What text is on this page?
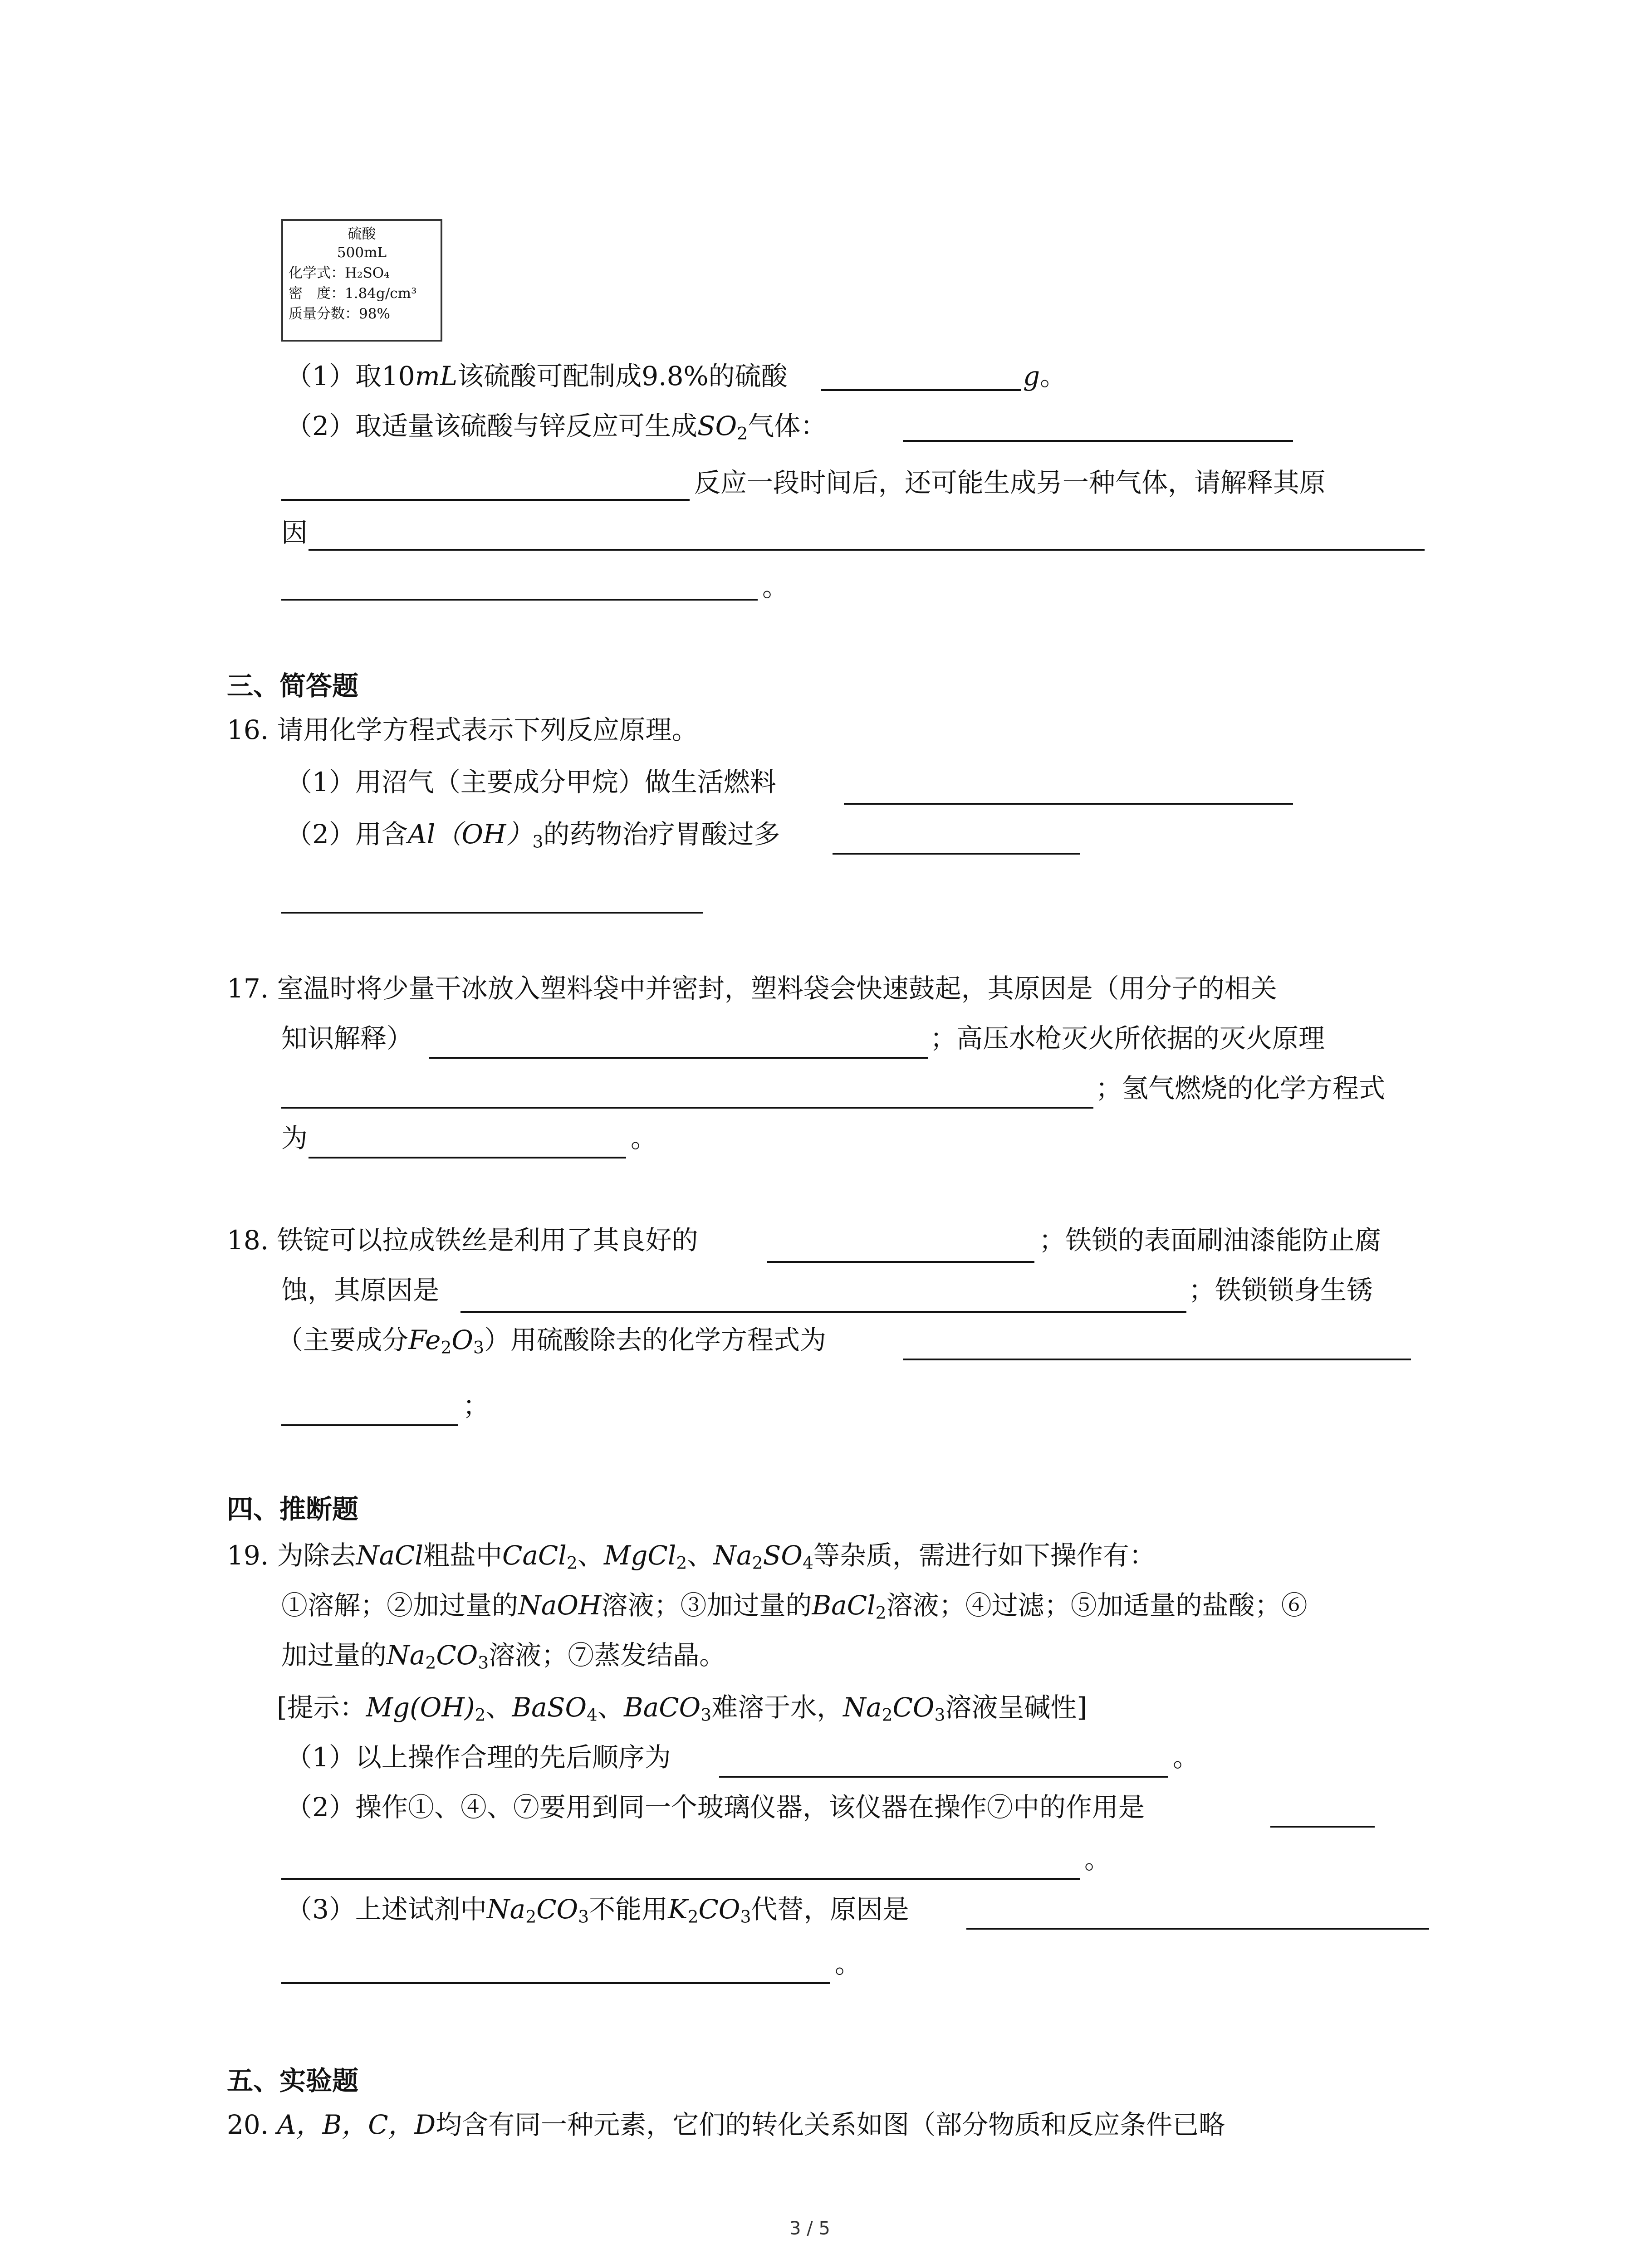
硫酸
500mL
化学式：H₂SO₄
密　度：1.84g/cm³
质量分数：98%
（1）取10mL该硫酸可配制成9.8%的硫酸	g。
（2）取适量该硫酸与锌反应可生成$SO_2$气体：
反应一段时间后，还可能生成另一种气体，请解释其原
因
。
三、简答题
16. 请用化学方程式表示下列反应原理。
（1）用沼气（主要成分甲烷）做生活燃料
（2）用含$Al(OH)_3$的药物治疗胃酸过多
17. 室温时将少量干冰放入塑料袋中并密封，塑料袋会快速鼓起，其原因是（用分子的相关
知识解释）	；高压水枪灭火所依据的灭火原理
；氢气燃烧的化学方程式
为	。
18. 铁锭可以拉成铁丝是利用了其良好的	；铁锁的表面刷油漆能防止腐
蚀，其原因是	；铁锁锁身生锈
（主要成分$Fe_2O_3$）用硫酸除去的化学方程式为
；
四、推断题
19. 为除去NaCl粗盐中CaCl$_2$、MgCl$_2$、$Na_2SO_4$等杂质，需进行如下操作有：
①溶解；②加过量的NaOH溶液；③加过量的BaCl$_2$溶液；④过滤；⑤加适量的盐酸；⑥
加过量的$Na_2CO_3$溶液；⑦蒸发结晶。
[提示：$Mg(OH)_2$、BaSO$_4$、BaCO$_3$难溶于水，$Na_2CO_3$溶液呈碱性]
（1）以上操作合理的先后顺序为	。
（2）操作①、④、⑦要用到同一个玻璃仪器，该仪器在操作⑦中的作用是
。
（3）上述试剂中$Na_2CO_3$不能用$K_2CO_3$代替，原因是
。
五、实验题
20. A，B，C，D均含有同一种元素，它们的转化关系如图（部分物质和反应条件已略
3 / 5
